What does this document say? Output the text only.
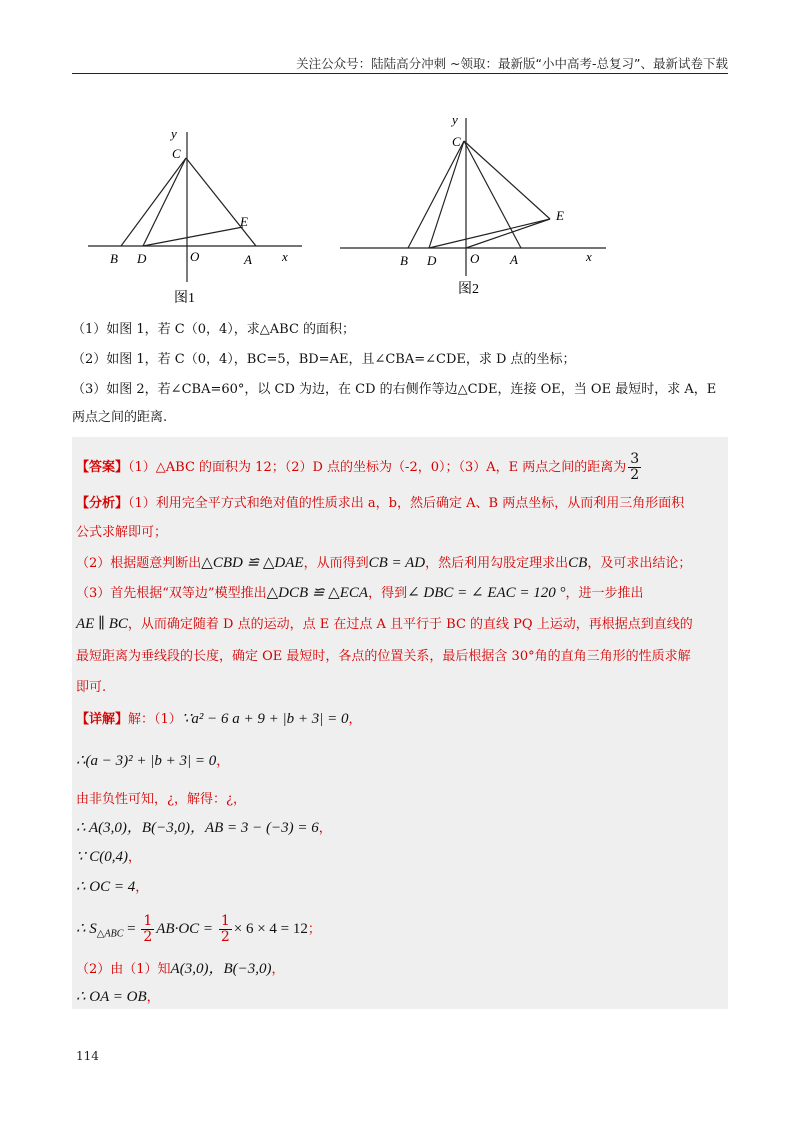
关注公众号：陆陆高分冲刺 ~领取：最新版“小中高考-总复习”、最新试卷下载
y
C
E
B D	O	A x
图1
y
C
E
B D	O A	x
图2
（1）如图 1，若 C（0，4），求△ABC 的面积；
（2）如图 1，若 C（0，4），BC=5，BD=AE，且∠CBA=∠CDE，求 D 点的坐标；
（3）如图 2，若∠CBA=60°，以 CD 为边，在 CD 的右侧作等边△CDE，连接 OE，当 OE 最短时，求 A，E
两点之间的距离.
【答案】（1）△ABC 的面积为 12；（2）D 点的坐标为（-2，0）；（3）A，E 两点之间的距离为 $\frac{3}{2}$
【分析】（1）利用完全平方式和绝对值的性质求出 a，b，然后确定 A、B 两点坐标，从而利用三角形面积
公式求解即可；
（2）根据题意判断出△CBD ≌ △DAE，从而得到CB = AD，然后利用勾股定理求出CB，及可求出结论；
（3）首先根据“双等边”模型推出△DCB ≌ △ECA，得到∠ DBC = ∠ EAC = 120 °，进一步推出
AE ∥ BC，从而确定随着 D 点的运动，点 E 在过点 A 且平行于 BC 的直线 PQ 上运动，再根据点到直线的
最短距离为垂线段的长度，确定 OE 最短时，各点的位置关系，最后根据含 30°角的直角三角形的性质求解
即可.
【详解】解：（1）∵a² − 6 a + 9 + |b + 3| = 0，
∴(a − 3)² + |b + 3| = 0，
由非负性可知，¿，解得：¿，
∴ A(3,0)，B(−3,0)，AB = 3 − (−3) = 6，
∵ C(0,4)，
∴ OC = 4，
∴ $S_{\triangle ABC} = \frac{1}{2} AB\cdot OC = \frac{1}{2} \times 6 \times 4 = 12$；
（2）由（1）知A(3,0)，B(−3,0)，
∴ OA = OB，
114
